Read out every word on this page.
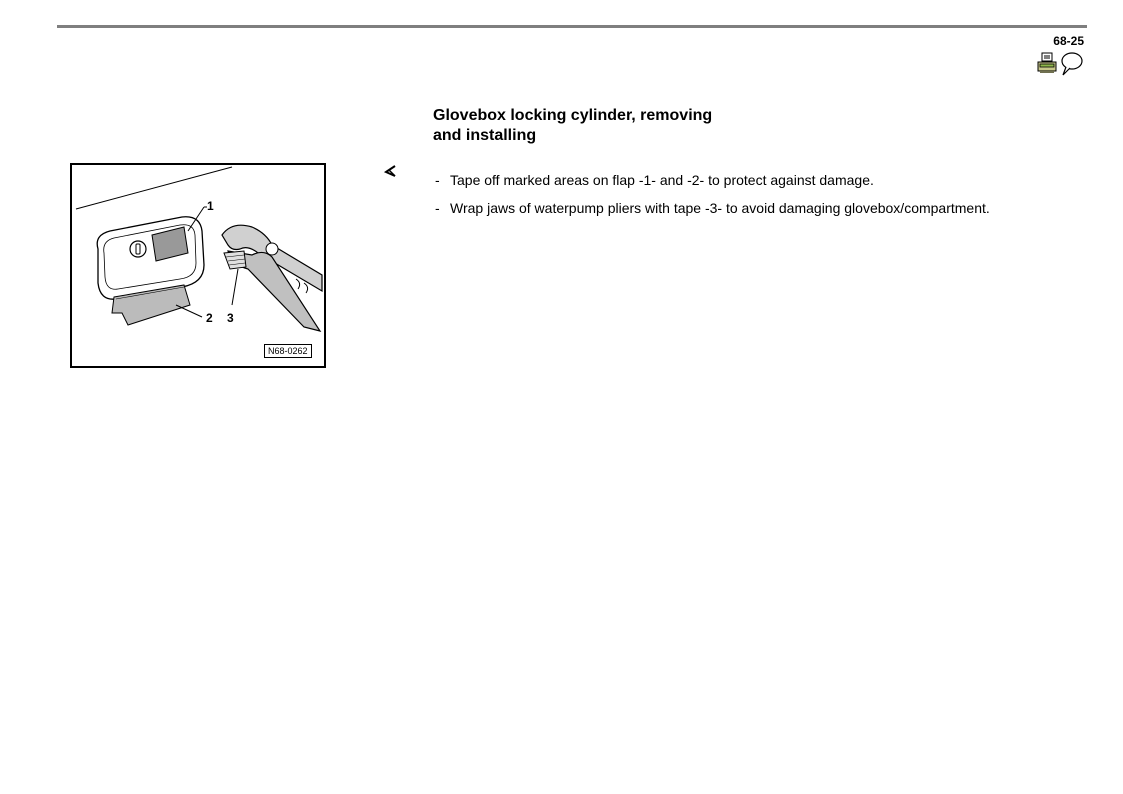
68-25
Glovebox locking cylinder, removing
and installing
1
2 3
N68-0262
- Tape off marked areas on flap -1- and -2- to protect against damage.
- Wrap jaws of waterpump pliers with tape -3- to avoid damaging glovebox/compartment.
